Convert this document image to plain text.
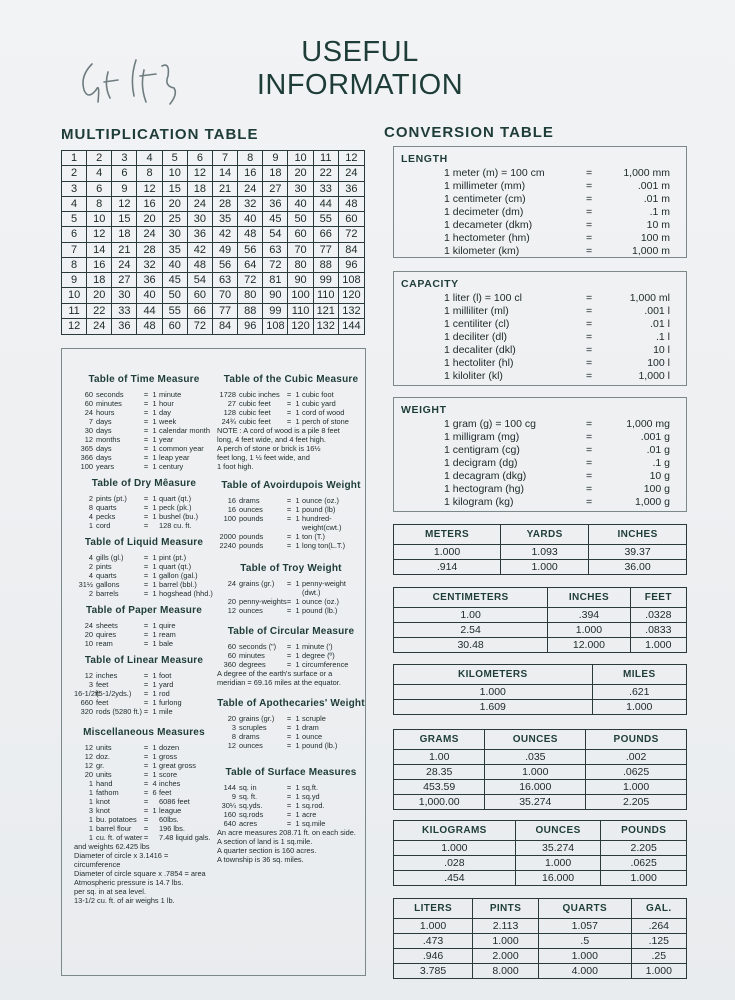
USEFUL
INFORMATION
MULTIPLICATION TABLE
1	2	3	4	5	6	7	8	9	10	11	12
2	4	6	8	10	12	14	16	18	20	22	24
3	6	9	12	15	18	21	24	27	30	33	36
4	8	12	16	20	24	28	32	36	40	44	48
5	10	15	20	25	30	35	40	45	50	55	60
6	12	18	24	30	36	42	48	54	60	66	72
7	14	21	28	35	42	49	56	63	70	77	84
8	16	24	32	40	48	56	64	72	80	88	96
9	18	27	36	45	54	63	72	81	90	99 108
10	20	30	40	50	60	70	80	90 100 110 120
11	22	33	44	55	66	77	88	99 110 121 132
12	24	36	48	60	72	84	96 108 120 132 144
Table of Time Measure
60 seconds	= 1 minute
60 minutes	= 1 hour
24 hours	= 1 day
7 days	= 1 week
30 days	= 1 calendar month
12 months	= 1 year
365 days	= 1 common year
366 days	= 1 leap year
100 years	= 1 century
Table of Dry Mêasure
2 pints (pt.)	= 1 quart (qt.)
8 quarts	= 1 peck (pk.)
4 pecks	= 1 bushel (bu.)
1 cord	= 128 cu. ft.
Table of Liquid Measure
4 gills (gl.)	= 1 pint (pt.)
2 pints	= 1 quart (qt.)
4 quarts	= 1 gallon (gal.)
31½ gallons	= 1 barrel (bbl.)
2 barrels	= 1 hogshead (hhd.)
Table of Paper Measure
24 sheets	= 1 quire
20 quires	= 1 ream
10 ream	= 1 bale
Table of Linear Measure
12 inches	= 1 foot
3 feet	= 1 yard
16-1/2ft.
(5-1/2yds.)	= 1 rod
660 feet	= 1 furlong
320 rods (5280 ft.) = 1 mile
Miscellaneous Measures
12 units	= 1 dozen
12 doz.	= 1 gross
12 gr.	= 1 great gross
20 units	= 1 score
1 hand	= 4 inches
1 fathom	= 6 feet
1 knot	= 6086 feet
3 knot	= 1 league
1 bu. potatoes = 60lbs.
1 barrel flour	= 196 lbs.
1 cu. ft. of water = 7.48 liquid gals.
and weights 62.425 lbs
Diameter of circle x 3.1416 = circumference
Diameter of circle square x .7854 = area
Atmospheric pressure is 14.7 lbs.
per sq. in at sea level.
13-1/2 cu. ft. of air weighs 1 lb.
Table of the Cubic Measure
1728 cubic inches = 1 cubic foot
27 cubic feet	= 1 cubic yard
128 cubic feet	= 1 cord of wood
24¾ cubic feet	= 1 perch of stone
NOTE : A cord of wood is a pile 8 feet
long, 4 feet wide, and 4 feet high.
A perch of stone or brick is 16½
feet long, 1 ½ feet wide, and
1 foot high.
Table of Avoirdupois Weight
16 drams	= 1 ounce (oz.)
16 ounces	= 1 pound (lb)
100 pounds	= 1 hundred-
weight(cwt.)
2000 pounds	= 1 ton (T.)
2240 pounds	= 1 long ton(L.T.)
Table of Troy Weight
24 grains (gr.)	= 1 penny-weight
(dwt.)
20 penny-weights = 1 ounce (oz.)
12 ounces	= 1 pound (lb.)
Table of Circular Measure
60 seconds (")	= 1 minute (')
60 minutes	= 1 degree (º)
360 degrees	= 1 circumference
A degree of the earth's surface or a
meridian = 69.16 miles at the equator.
Table of Apothecaries' Weight
20 grains (gr.)	= 1 scruple
3 scruples	= 1 dram
8 drams	= 1 ounce
12 ounces	= 1 pound (lb.)
Table of Surface Measures
144 sq. in	= 1 sq.ft.
9 sq. ft.	= 1 sq.yd
30¼ sq.yds.	= 1 sq.rod.
160 sq.rods	= 1 acre
640 acres	= 1 sq.mile
An acre measures 208.71 ft. on each side.
A section of land is 1 sq.mile.
A quarter section is 160 acres.
A township is 36 sq. miles.
CONVERSION TABLE
LENGTH
1 meter (m) = 100 cm	=	1,000 mm
1 millimeter (mm)	=	.001 m
1 centimeter (cm)	=	.01 m
1 decimeter (dm)	=	.1 m
1 decameter (dkm)	=	10 m
1 hectometer (hm)	=	100 m
1 kilometer (km)	=	1,000 m
CAPACITY
1 liter (l) = 100 cl	=	1,000 ml
1 milliliter (ml)	=	.001 l
1 centiliter (cl)	=	.01 l
1 deciliter (dl)	=	.1 l
1 decaliter (dkl)	=	10 l
1 hectoliter (hl)	=	100 l
1 kiloliter (kl)	=	1,000 l
WEIGHT
1 gram (g) = 100 cg	=	1,000 mg
1 milligram (mg)	=	.001 g
1 centigram (cg)	=	.01 g
1 decigram (dg)	=	.1 g
1 decagram (dkg)	=	10 g
1 hectogram (hg)	=	100 g
1 kilogram (kg)	=	1,000 g
METERS	YARDS	INCHES
1.000	1.093	39.37
.914	1.000	36.00
CENTIMETERS	INCHES	FEET
1.00	.394	.0328
2.54	1.000	.0833
30.48	12.000	1.000
KILOMETERS	MILES
1.000	.621
1.609	1.000
GRAMS	OUNCES	POUNDS
1.00	.035	.002
28.35	1.000	.0625
453.59	16.000	1.000
1,000.00	35.274	2.205
KILOGRAMS	OUNCES	POUNDS
1.000	35.274	2.205
.028	1.000	.0625
.454	16.000	1.000
LITERS	PINTS	QUARTS	GAL.
1.000	2.113	1.057	.264
.473	1.000	.5	.125
.946	2.000	1.000	.25
3.785	8.000	4.000	1.000
